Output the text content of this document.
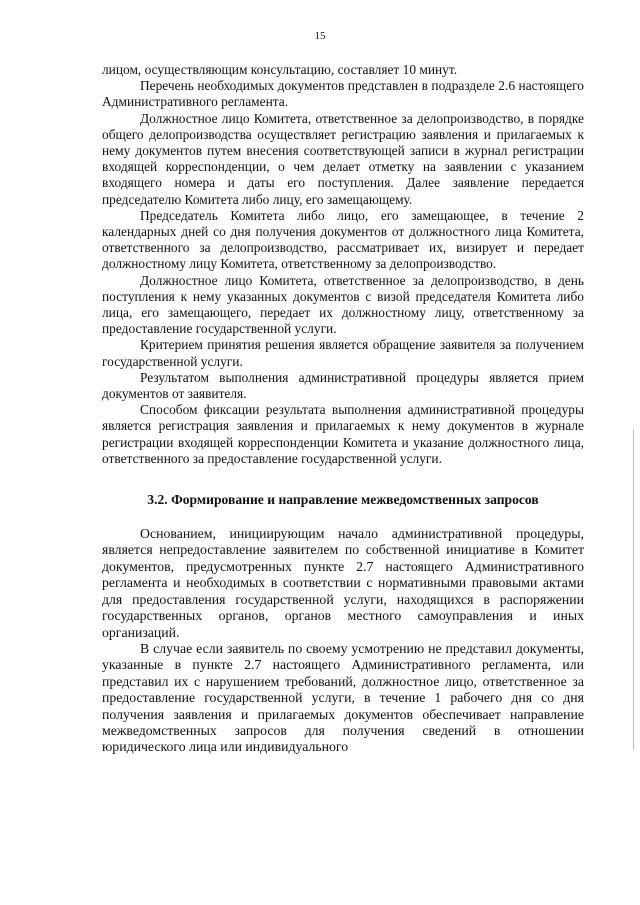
15

лицом, осуществляющим консультацию, составляет 10 минут.

Перечень необходимых документов представлен в подразделе 2.6 настоящего Административного регламента.

Должностное лицо Комитета, ответственное за делопроизводство, в порядке общего делопроизводства осуществляет регистрацию заявления и прилагаемых к нему документов путем внесения соответствующей записи в журнал регистрации входящей корреспонденции, о чем делает отметку на заявлении с указанием входящего номера и даты его поступления. Далее заявление передается председателю Комитета либо лицу, его замещающему.

Председатель Комитета либо лицо, его замещающее, в течение 2 календарных дней со дня получения документов от должностного лица Комитета, ответственного за делопроизводство, рассматривает их, визирует и передает должностному лицу Комитета, ответственному за делопроизводство.

Должностное лицо Комитета, ответственное за делопроизводство, в день поступления к нему указанных документов с визой председателя Комитета либо лица, его замещающего, передает их должностному лицу, ответственному за предоставление государственной услуги.

Критерием принятия решения является обращение заявителя за получением государственной услуги.

Результатом выполнения административной процедуры является прием документов от заявителя.

Способом фиксации результата выполнения административной процедуры является регистрация заявления и прилагаемых к нему документов в журнале регистрации входящей корреспонденции Комитета и указание должностного лица, ответственного за предоставление государственной услуги.

3.2. Формирование и направление межведомственных запросов

Основанием, инициирующим начало административной процедуры, является непредоставление заявителем по собственной инициативе в Комитет документов, предусмотренных пункте 2.7 настоящего Административного регламента и необходимых в соответствии с нормативными правовыми актами для предоставления государственной услуги, находящихся в распоряжении государственных органов, органов местного самоуправления и иных организаций.

В случае если заявитель по своему усмотрению не представил документы, указанные в пункте 2.7 настоящего Административного регламента, или представил их с нарушением требований, должностное лицо, ответственное за предоставление государственной услуги, в течение 1 рабочего дня со дня получения заявления и прилагаемых документов обеспечивает направление межведомственных запросов для получения сведений в отношении юридического лица или индивидуального
